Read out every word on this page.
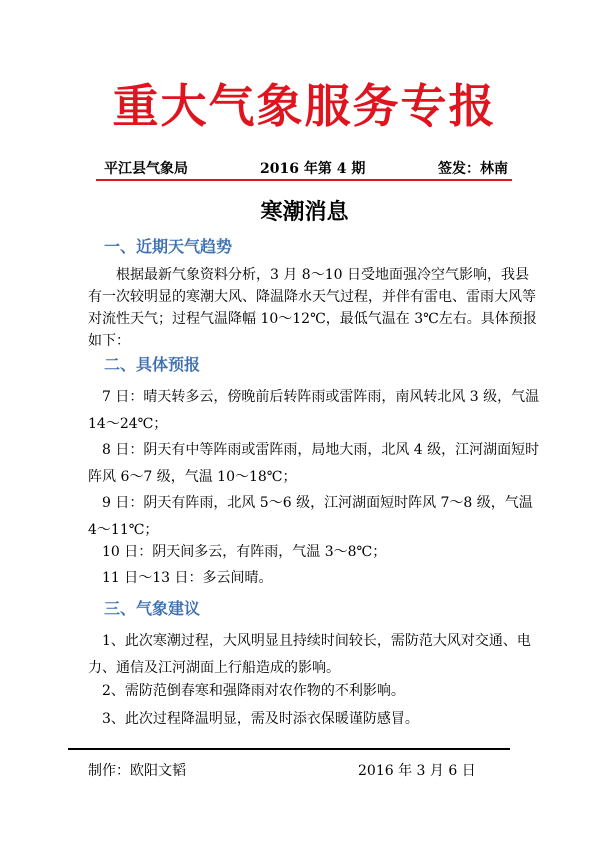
重大气象服务专报
平江县气象局	2016 年第 4 期	签发：林南
寒潮消息
一、近期天气趋势
根据最新气象资料分析，3 月 8～10 日受地面强冷空气影响，我县有一次较明显的寒潮大风、降温降水天气过程，并伴有雷电、雷雨大风等对流性天气；过程气温降幅 10～12℃，最低气温在 3℃左右。具体预报如下：
二、具体预报
7 日：晴天转多云，傍晚前后转阵雨或雷阵雨，南风转北风 3 级，气温 14～24℃；
8 日：阴天有中等阵雨或雷阵雨，局地大雨，北风 4 级，江河湖面短时阵风 6～7 级，气温 10～18℃；
9 日：阴天有阵雨，北风 5～6 级，江河湖面短时阵风 7～8 级，气温 4～11℃；
10 日：阴天间多云，有阵雨，气温 3～8℃；
11 日～13 日：多云间晴。
三、气象建议
1、此次寒潮过程，大风明显且持续时间较长，需防范大风对交通、电力、通信及江河湖面上行船造成的影响。
2、需防范倒春寒和强降雨对农作物的不利影响。
3、此次过程降温明显，需及时添衣保暖谨防感冒。
制作：欧阳文韬	2016 年 3 月 6 日
